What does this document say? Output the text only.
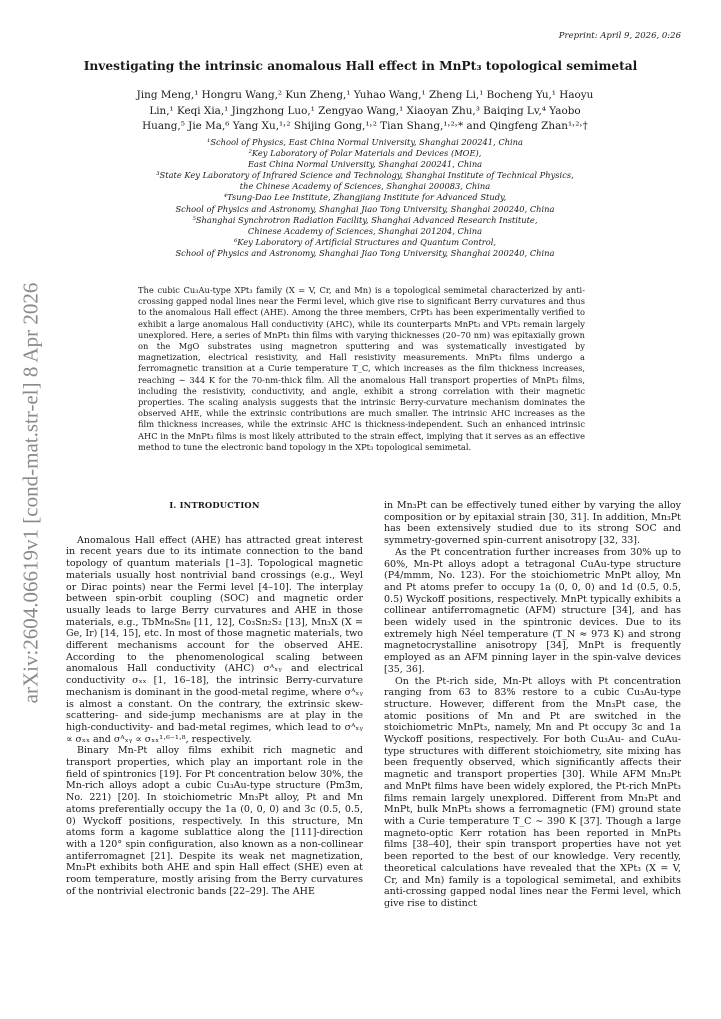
Preprint: April 9, 2026, 0:26
arXiv:2604.06619v1 [cond-mat.str-el] 8 Apr 2026
Investigating the intrinsic anomalous Hall effect in MnPt₃ topological semimetal
Jing Meng,¹ Hongru Wang,² Kun Zheng,¹ Yuhao Wang,¹ Zheng Li,¹ Bocheng Yu,¹ Haoyu
Lin,¹ Keqi Xia,¹ Jingzhong Luo,¹ Zengyao Wang,¹ Xiaoyan Zhu,³ Baiqing Lv,⁴ Yaobo
Huang,⁵ Jie Ma,⁶ Yang Xu,¹˒² Shijing Gong,¹˒² Tian Shang,¹˒²˒* and Qingfeng Zhan¹˒²˒†
¹School of Physics, East China Normal University, Shanghai 200241, China
²Key Laboratory of Polar Materials and Devices (MOE),
East China Normal University, Shanghai 200241, China
³State Key Laboratory of Infrared Science and Technology, Shanghai Institute of Technical Physics,
the Chinese Academy of Sciences, Shanghai 200083, China
⁴Tsung-Dao Lee Institute, Zhangjiang Institute for Advanced Study,
School of Physics and Astronomy, Shanghai Jiao Tong University, Shanghai 200240, China
⁵Shanghai Synchrotron Radiation Facility, Shanghai Advanced Research Institute,
Chinese Academy of Sciences, Shanghai 201204, China
⁶Key Laboratory of Artificial Structures and Quantum Control,
School of Physics and Astronomy, Shanghai Jiao Tong University, Shanghai 200240, China
The cubic Cu₃Au-type XPt₃ family (X = V, Cr, and Mn) is a topological semimetal characterized by anti-crossing gapped nodal lines near the Fermi level, which give rise to significant Berry curvatures and thus to the anomalous Hall effect (AHE). Among the three members, CrPt₃ has been experimentally verified to exhibit a large anomalous Hall conductivity (AHC), while its counterparts MnPt₃ and VPt₃ remain largely unexplored. Here, a series of MnPt₃ thin films with varying thicknesses (20–70 nm) was epitaxially grown on the MgO substrates using magnetron sputtering and was systematically investigated by magnetization, electrical resistivity, and Hall resistivity measurements. MnPt₃ films undergo a ferromagnetic transition at a Curie temperature T_C, which increases as the film thickness increases, reaching ∼ 344 K for the 70-nm-thick film. All the anomalous Hall transport properties of MnPt₃ films, including the resistivity, conductivity, and angle, exhibit a strong correlation with their magnetic properties. The scaling analysis suggests that the intrinsic Berry-curvature mechanism dominates the observed AHE, while the extrinsic contributions are much smaller. The intrinsic AHC increases as the film thickness increases, while the extrinsic AHC is thickness-independent. Such an enhanced intrinsic AHC in the MnPt₃ films is most likely attributed to the strain effect, implying that it serves as an effective method to tune the electronic band topology in the XPt₃ topological semimetal.
I. INTRODUCTION

Anomalous Hall effect (AHE) has attracted great interest in recent years due to its intimate connection to the band topology of quantum materials [1–3]. Topological magnetic materials usually host nontrivial band crossings (e.g., Weyl or Dirac points) near the Fermi level [4–10]. The interplay between spin-orbit coupling (SOC) and magnetic order usually leads to large Berry curvatures and AHE in those materials, e.g., TbMn₆Sn₆ [11, 12], Co₃Sn₂S₂ [13], Mn₃X (X = Ge, Ir) [14, 15], etc. In most of those magnetic materials, two different mechanisms account for the observed AHE. According to the phenomenological scaling between anomalous Hall conductivity (AHC) σᴬₓᵧ and electrical conductivity σₓₓ [1, 16–18], the intrinsic Berry-curvature mechanism is dominant in the good-metal regime, where σᴬₓᵧ is almost a constant. On the contrary, the extrinsic skew-scattering- and side-jump mechanisms are at play in the high-conductivity- and bad-metal regimes, which lead to σᴬₓᵧ ∝ σₓₓ and σᴬₓᵧ ∝ σₓₓ¹·⁶⁻¹·⁸, respectively.

Binary Mn-Pt alloy films exhibit rich magnetic and transport properties, which play an important role in the field of spintronics [19]. For Pt concentration below 30%, the Mn-rich alloys adopt a cubic Cu₃Au-type structure (Pm3̄m, No. 221) [20]. In stoichiometric Mn₃Pt alloy, Pt and Mn atoms preferentially occupy the 1a (0, 0, 0) and 3c (0.5, 0.5, 0) Wyckoff positions, respectively. In this structure, Mn atoms form a kagome sublattice along the [111]-direction with a 120° spin configuration, also known as a non-collinear antiferromagnet [21]. Despite its weak net magnetization, Mn₃Pt exhibits both AHE and spin Hall effect (SHE) even at room temperature, mostly arising from the Berry curvatures of the nontrivial electronic bands [22–29]. The AHE

in Mn₃Pt can be effectively tuned either by varying the alloy composition or by epitaxial strain [30, 31]. In addition, Mn₃Pt has been extensively studied due to its strong SOC and symmetry-governed spin-current anisotropy [32, 33].

As the Pt concentration further increases from 30% up to 60%, Mn-Pt alloys adopt a tetragonal CuAu-type structure (P4/mmm, No. 123). For the stoichiometric MnPt alloy, Mn and Pt atoms prefer to occupy 1a (0, 0, 0) and 1d (0.5, 0.5, 0.5) Wyckoff positions, respectively. MnPt typically exhibits a collinear antiferromagnetic (AFM) structure [34], and has been widely used in the spintronic devices. Due to its extremely high Néel temperature (T_N ≈ 973 K) and strong magnetocrystalline anisotropy [34], MnPt is frequently employed as an AFM pinning layer in the spin-valve devices [35, 36].

On the Pt-rich side, Mn-Pt alloys with Pt concentration ranging from 63 to 83% restore to a cubic Cu₃Au-type structure. However, different from the Mn₃Pt case, the atomic positions of Mn and Pt are switched in the stoichiometric MnPt₃, namely, Mn and Pt occupy 3c and 1a Wyckoff positions, respectively. For both Cu₃Au- and CuAu-type structures with different stoichiometry, site mixing has been frequently observed, which significantly affects their magnetic and transport properties [30]. While AFM Mn₃Pt and MnPt films have been widely explored, the Pt-rich MnPt₃ films remain largely unexplored. Different from Mn₃Pt and MnPt, bulk MnPt₃ shows a ferromagnetic (FM) ground state with a Curie temperature T_C ∼ 390 K [37]. Though a large magneto-optic Kerr rotation has been reported in MnPt₃ films [38–40], their spin transport properties have not yet been reported to the best of our knowledge. Very recently, theoretical calculations have revealed that the XPt₃ (X = V, Cr, and Mn) family is a topological semimetal, and exhibits anti-crossing gapped nodal lines near the Fermi level, which give rise to distinct
